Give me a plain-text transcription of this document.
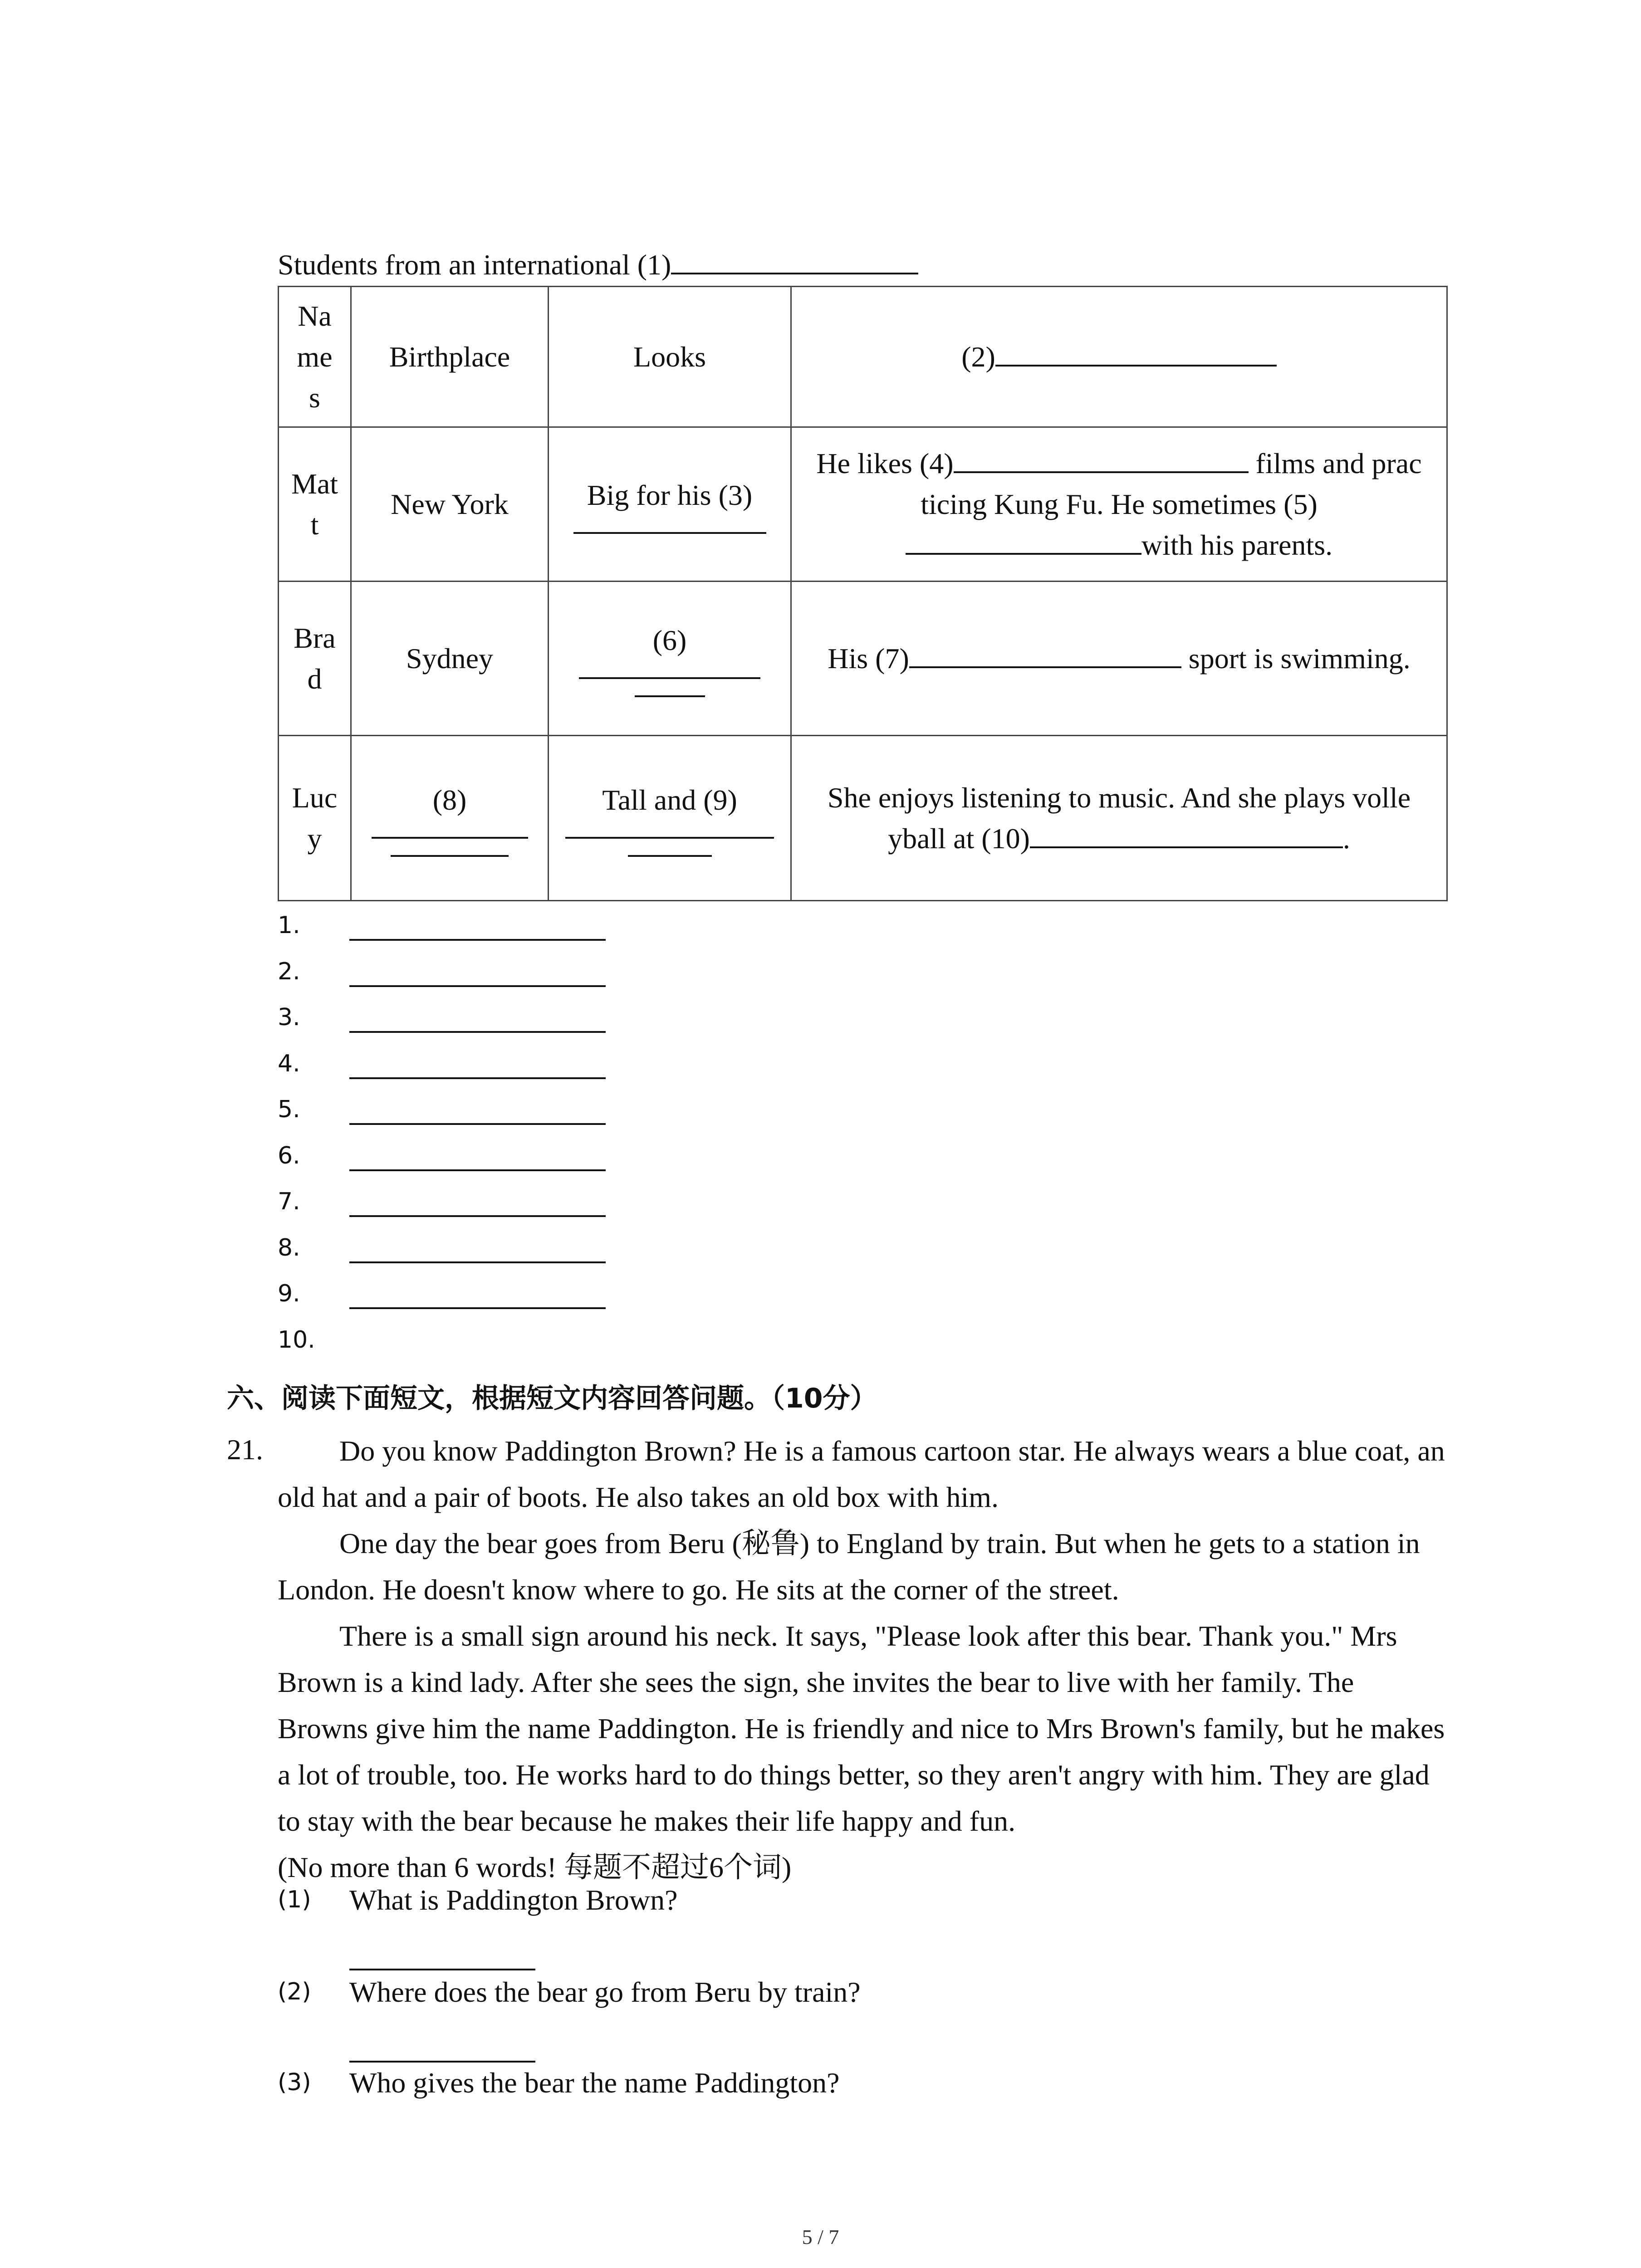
Students from an international (1)
Na me s	Birthplace	Looks	(2)
Mat t	New York	Big for his (3)	He likes (4) films and prac ticing Kung Fu. He sometimes (5)
with his parents.
Bra d	Sydney	(6)	His (7) sport is swimming.
Luc y	(8)	Tall and (9)	She enjoys listening to music. And she plays volle yball at (10) .
1.
2.
3.
4.
5.
6.
7.
8.
9.
10.
六、阅读下面短文，根据短文内容回答问题。（10分）
21.	Do you know Paddington Brown? He is a famous cartoon star. He always wears a blue coat, an old hat and a pair of boots. He also takes an old box with him.

One day the bear goes from Beru (秘鲁) to England by train. But when he gets to a station in London. He doesn't know where to go. He sits at the corner of the street.

There is a small sign around his neck. It says, "Please look after this bear. Thank you." Mrs Brown is a kind lady. After she sees the sign, she invites the bear to live with her family. The Browns give him the name Paddington. He is friendly and nice to Mrs Brown's family, but he makes a lot of trouble, too. He works hard to do things better, so they aren't angry with him. They are glad to stay with the bear because he makes their life happy and fun.

(No more than 6 words! 每题不超过6个词)

(1) What is Paddington Brown?
(2) Where does the bear go from Beru by train?
(3) Who gives the bear the name Paddington?
5 / 7
